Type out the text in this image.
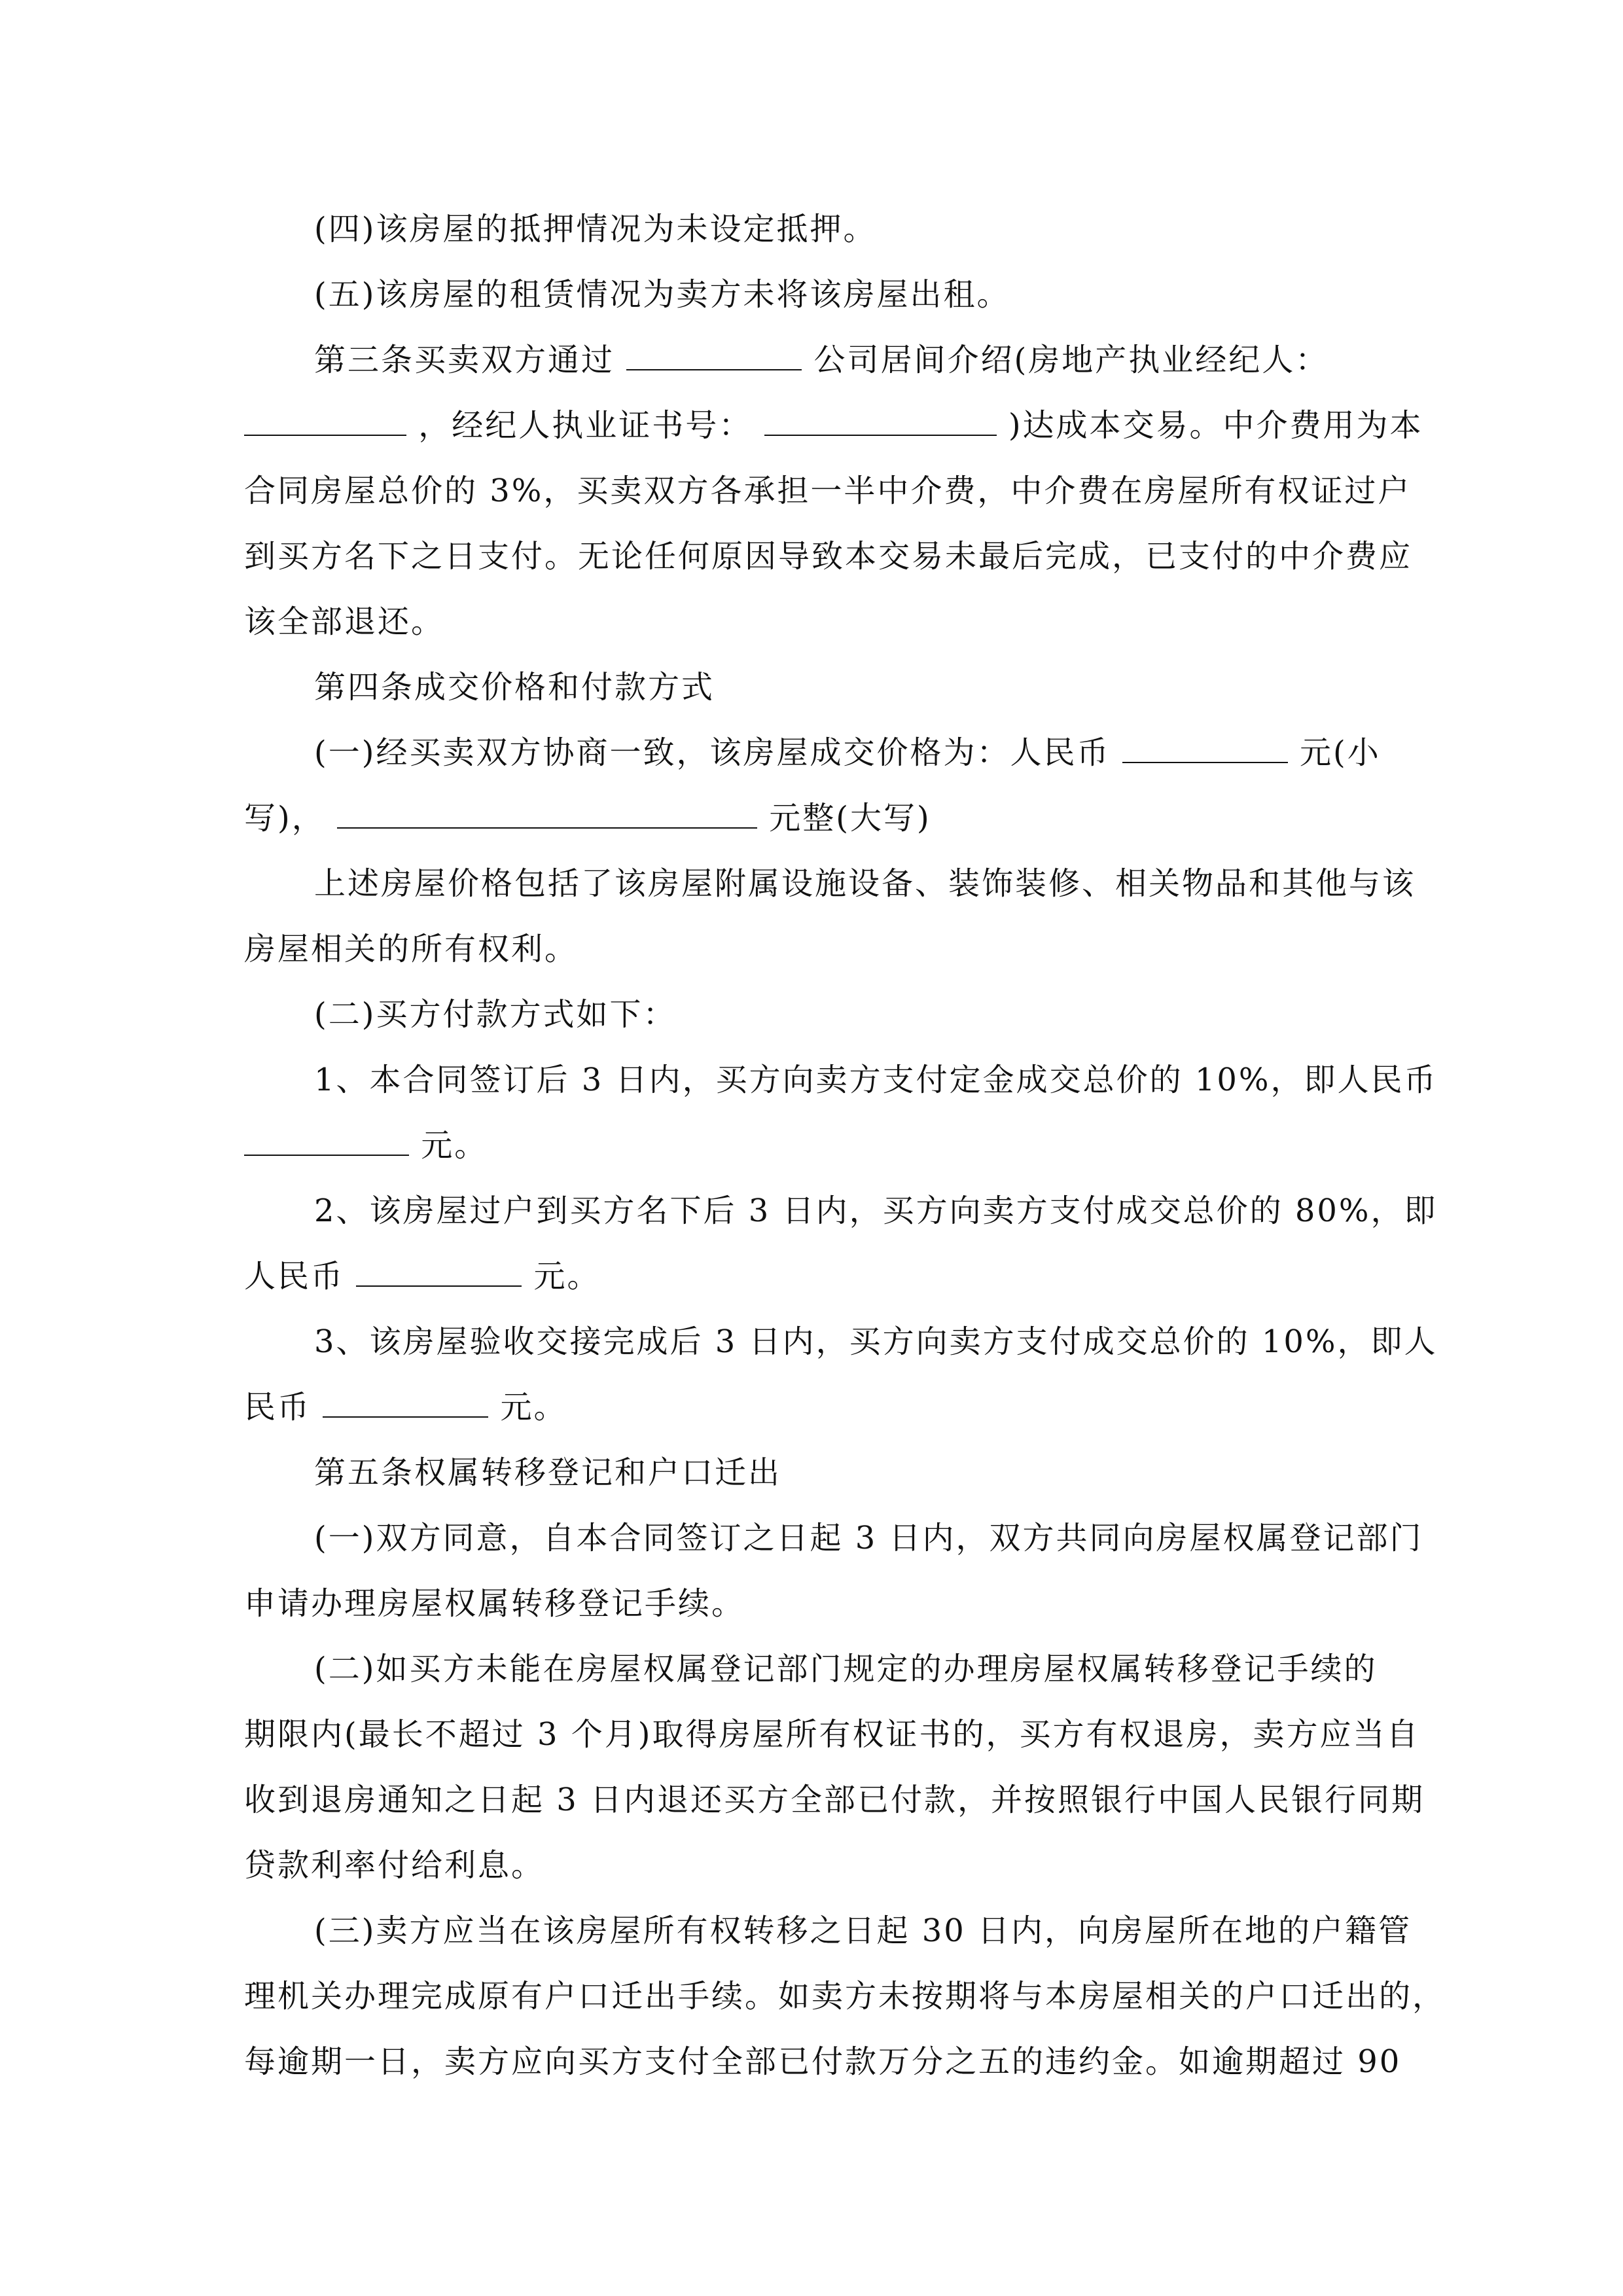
(四)该房屋的抵押情况为未设定抵押。
(五)该房屋的租赁情况为卖方未将该房屋出租。
第三条买卖双方通过	公司居间介绍(房地产执业经纪人：
，经纪人执业证书号：	)达成本交易。中介费用为本
合同房屋总价的 3%，买卖双方各承担一半中介费，中介费在房屋所有权证过户
到买方名下之日支付。无论任何原因导致本交易未最后完成，已支付的中介费应
该全部退还。
第四条成交价格和付款方式
(一)经买卖双方协商一致，该房屋成交价格为：人民币	元(小
写)，	元整(大写)
上述房屋价格包括了该房屋附属设施设备、装饰装修、相关物品和其他与该
房屋相关的所有权利。
(二)买方付款方式如下：
1、本合同签订后 3 日内，买方向卖方支付定金成交总价的 10%，即人民币
元。
2、该房屋过户到买方名下后 3 日内，买方向卖方支付成交总价的 80%，即
人民币	元。
3、该房屋验收交接完成后 3 日内，买方向卖方支付成交总价的 10%，即人
民币	元。
第五条权属转移登记和户口迁出
(一)双方同意，自本合同签订之日起 3 日内，双方共同向房屋权属登记部门
申请办理房屋权属转移登记手续。
(二)如买方未能在房屋权属登记部门规定的办理房屋权属转移登记手续的
期限内(最长不超过 3 个月)取得房屋所有权证书的，买方有权退房，卖方应当自
收到退房通知之日起 3 日内退还买方全部已付款，并按照银行中国人民银行同期
贷款利率付给利息。
(三)卖方应当在该房屋所有权转移之日起 30 日内，向房屋所在地的户籍管
理机关办理完成原有户口迁出手续。如卖方未按期将与本房屋相关的户口迁出的，
每逾期一日，卖方应向买方支付全部已付款万分之五的违约金。如逾期超过 90
